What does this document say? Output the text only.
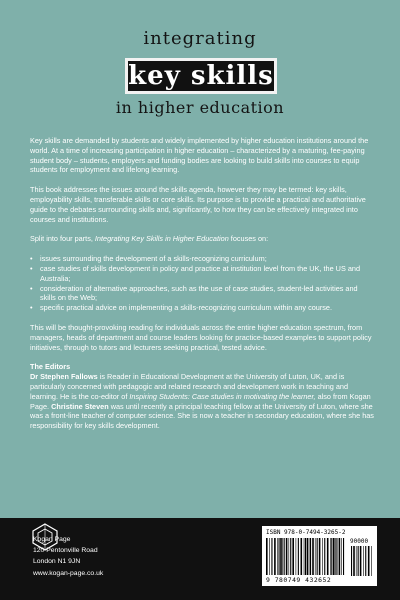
integrating
key skills
in higher education

Key skills are demanded by students and widely implemented by higher education institutions around the world. At a time of increasing participation in higher education – characterized by a maturing, fee-paying student body – students, employers and funding bodies are looking to build skills into courses to equip students for employment and lifelong learning.

This book addresses the issues around the skills agenda, however they may be termed: key skills, employability skills, transferable skills or core skills. Its purpose is to provide a practical and authoritative guide to the debates surrounding skills and, significantly, to how they can be effectively integrated into courses and institutions.

Split into four parts, Integrating Key Skills in Higher Education focuses on:

• issues surrounding the development of a skills-recognizing curriculum;
• case studies of skills development in policy and practice at institution level from the UK, the US and Australia;
• consideration of alternative approaches, such as the use of case studies, student-led activities and skills on the Web;
• specific practical advice on implementing a skills-recognizing curriculum within any course.

This will be thought-provoking reading for individuals across the entire higher education spectrum, from managers, heads of department and course leaders looking for practice-based examples to support policy initiatives, through to tutors and lecturers seeking practical, tested advice.

The Editors

Dr Stephen Fallows is Reader in Educational Development at the University of Luton, UK, and is particularly concerned with pedagogic and related research and development work in teaching and learning. He is the co-editor of Inspiring Students: Case studies in motivating the learner, also from Kogan Page. Christine Steven was until recently a principal teaching fellow at the University of Luton, where she was a front-line teacher of computer science. She is now a teacher in secondary education, where she has responsibility for key skills development.

Kogan Page
120 Pentonville Road
London N1 9JN
www.kogan-page.co.uk
ISBN 978-0-7494-3265-2
90000
9 780749 432652
